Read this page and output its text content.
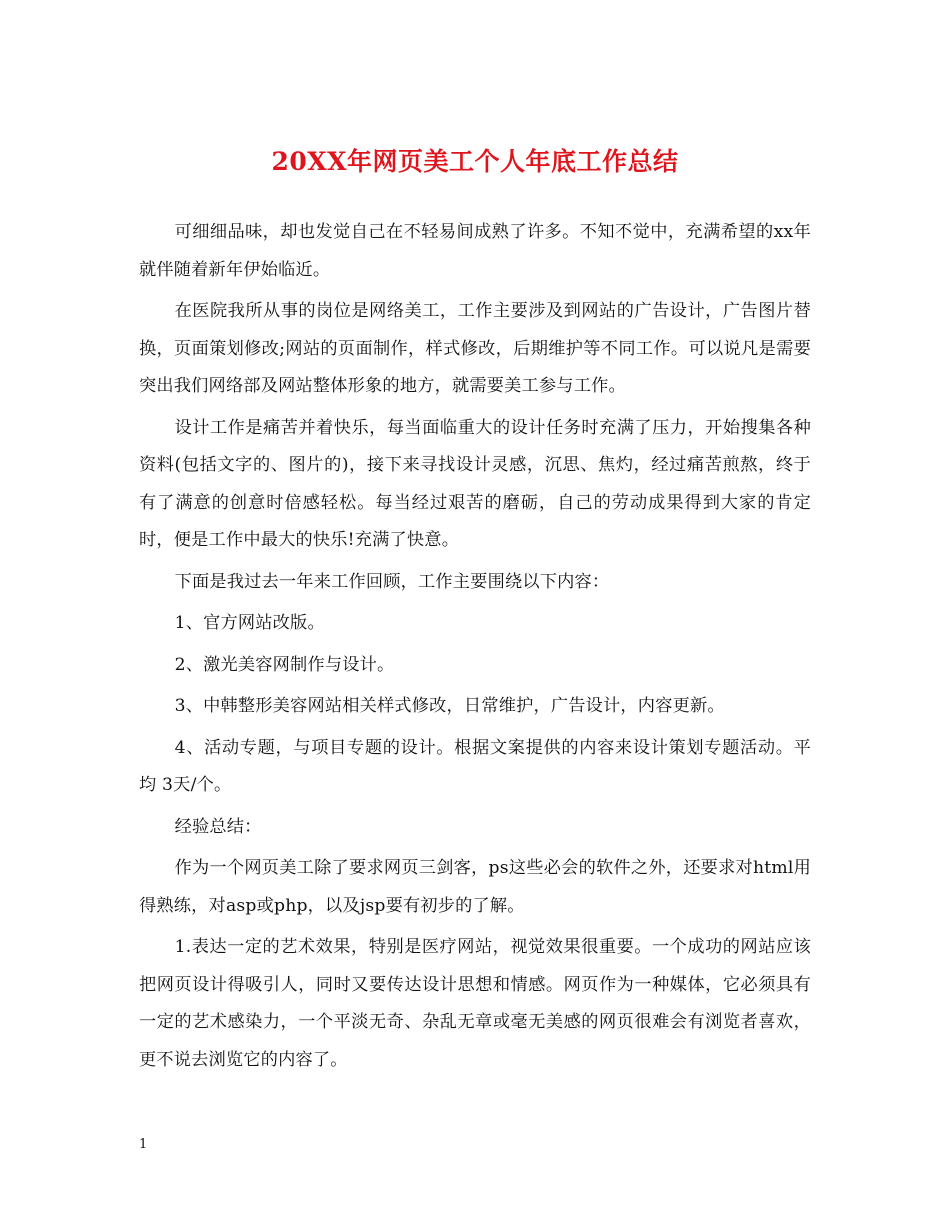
20XX年网页美工个人年底工作总结

可细细品味，却也发觉自己在不轻易间成熟了许多。不知不觉中，充满希望的xx年就伴随着新年伊始临近。

在医院我所从事的岗位是网络美工，工作主要涉及到网站的广告设计，广告图片替换，页面策划修改;网站的页面制作，样式修改，后期维护等不同工作。可以说凡是需要突出我们网络部及网站整体形象的地方，就需要美工参与工作。

设计工作是痛苦并着快乐，每当面临重大的设计任务时充满了压力，开始搜集各种资料(包括文字的、图片的)，接下来寻找设计灵感，沉思、焦灼，经过痛苦煎熬，终于有了满意的创意时倍感轻松。每当经过艰苦的磨砺，自己的劳动成果得到大家的肯定时，便是工作中最大的快乐!充满了快意。

下面是我过去一年来工作回顾，工作主要围绕以下内容：

1、官方网站改版。

2、激光美容网制作与设计。

3、中韩整形美容网站相关样式修改，日常维护，广告设计，内容更新。

4、活动专题，与项目专题的设计。根据文案提供的内容来设计策划专题活动。平均 3天/个。

经验总结：

作为一个网页美工除了要求网页三剑客，ps这些必会的软件之外，还要求对html用得熟练，对asp或php，以及jsp要有初步的了解。

1.表达一定的艺术效果，特别是医疗网站，视觉效果很重要。一个成功的网站应该把网页设计得吸引人，同时又要传达设计思想和情感。网页作为一种媒体，它必须具有一定的艺术感染力，一个平淡无奇、杂乱无章或毫无美感的网页很难会有浏览者喜欢，更不说去浏览它的内容了。

1
